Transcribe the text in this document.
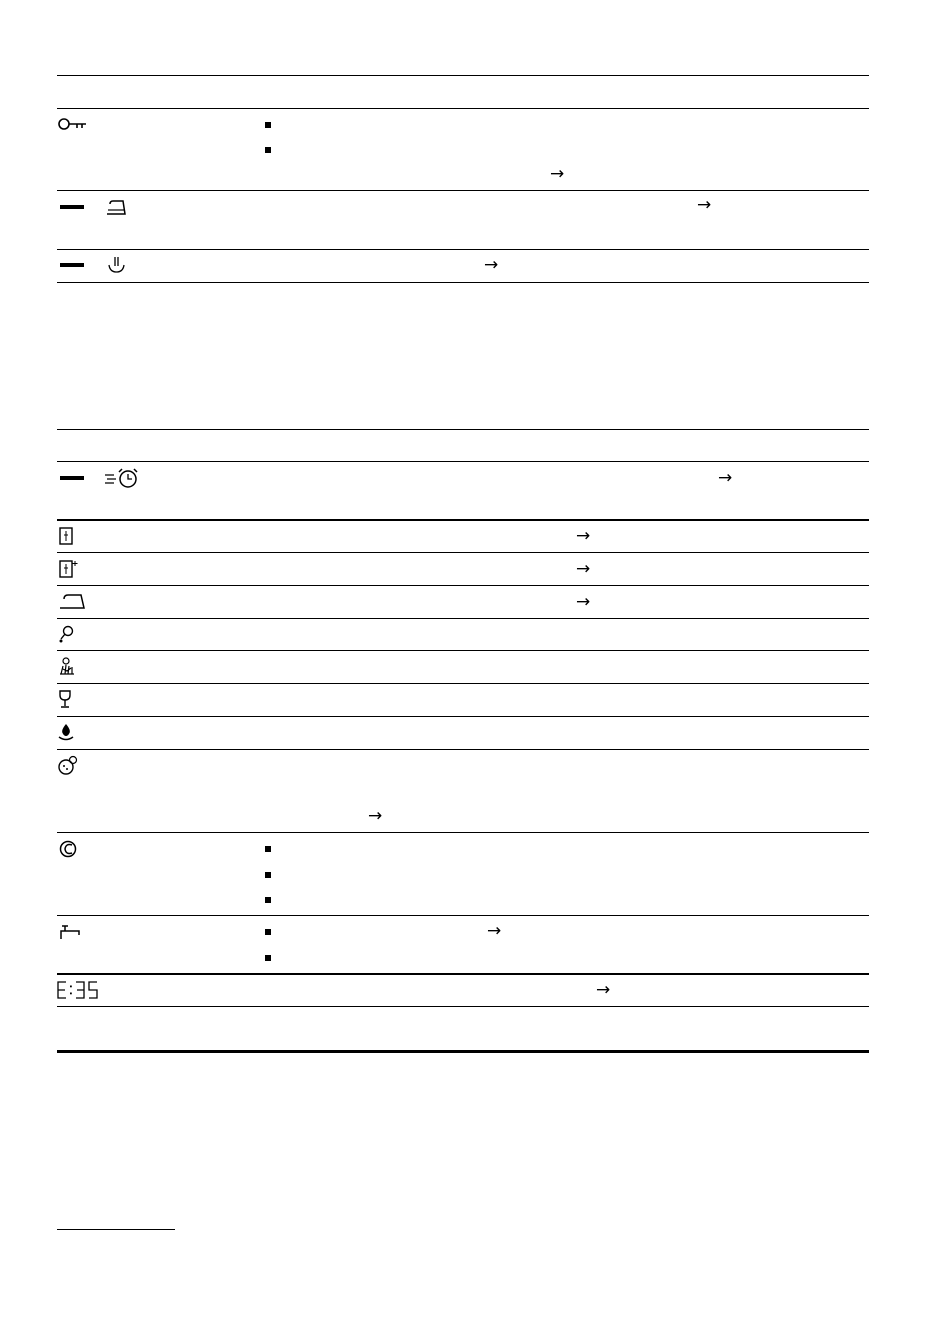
→
→
→
→
→
→
→
→
→
→
